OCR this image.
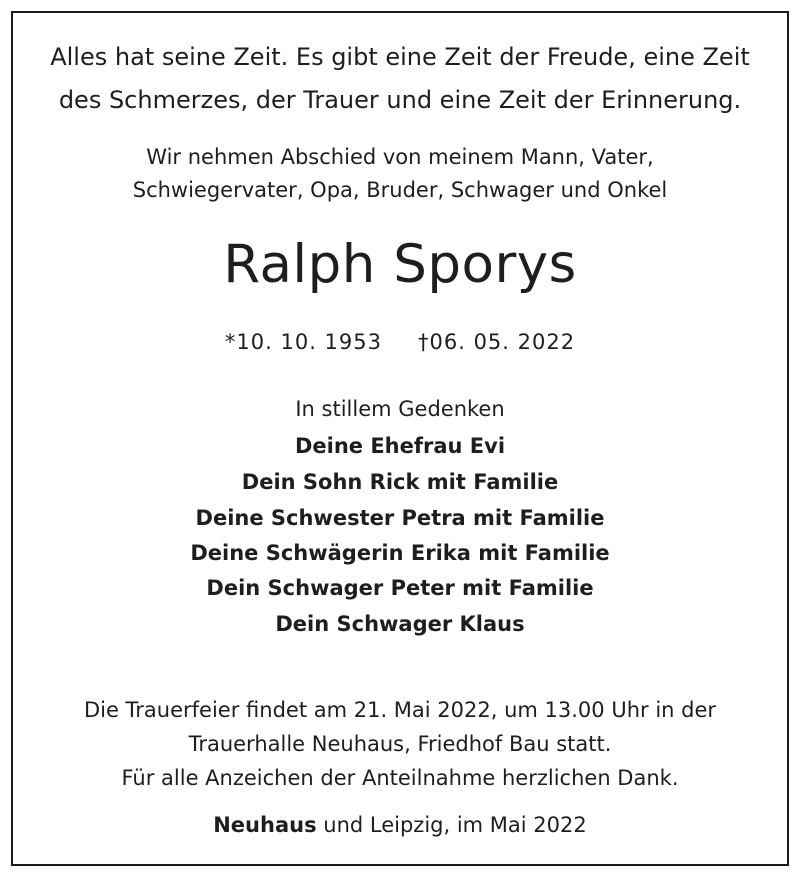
Alles hat seine Zeit. Es gibt eine Zeit der Freude, eine Zeit
des Schmerzes, der Trauer und eine Zeit der Erinnerung.
Wir nehmen Abschied von meinem Mann, Vater,
Schwiegervater, Opa, Bruder, Schwager und Onkel
Ralph Sporys
*10. 10. 1953 †06. 05. 2022
In stillem Gedenken
Deine Ehefrau Evi
Dein Sohn Rick mit Familie
Deine Schwester Petra mit Familie
Deine Schwägerin Erika mit Familie
Dein Schwager Peter mit Familie
Dein Schwager Klaus
Die Trauerfeier findet am 21. Mai 2022, um 13.00 Uhr in der
Trauerhalle Neuhaus, Friedhof Bau statt.
Für alle Anzeichen der Anteilnahme herzlichen Dank.
Neuhaus und Leipzig, im Mai 2022
